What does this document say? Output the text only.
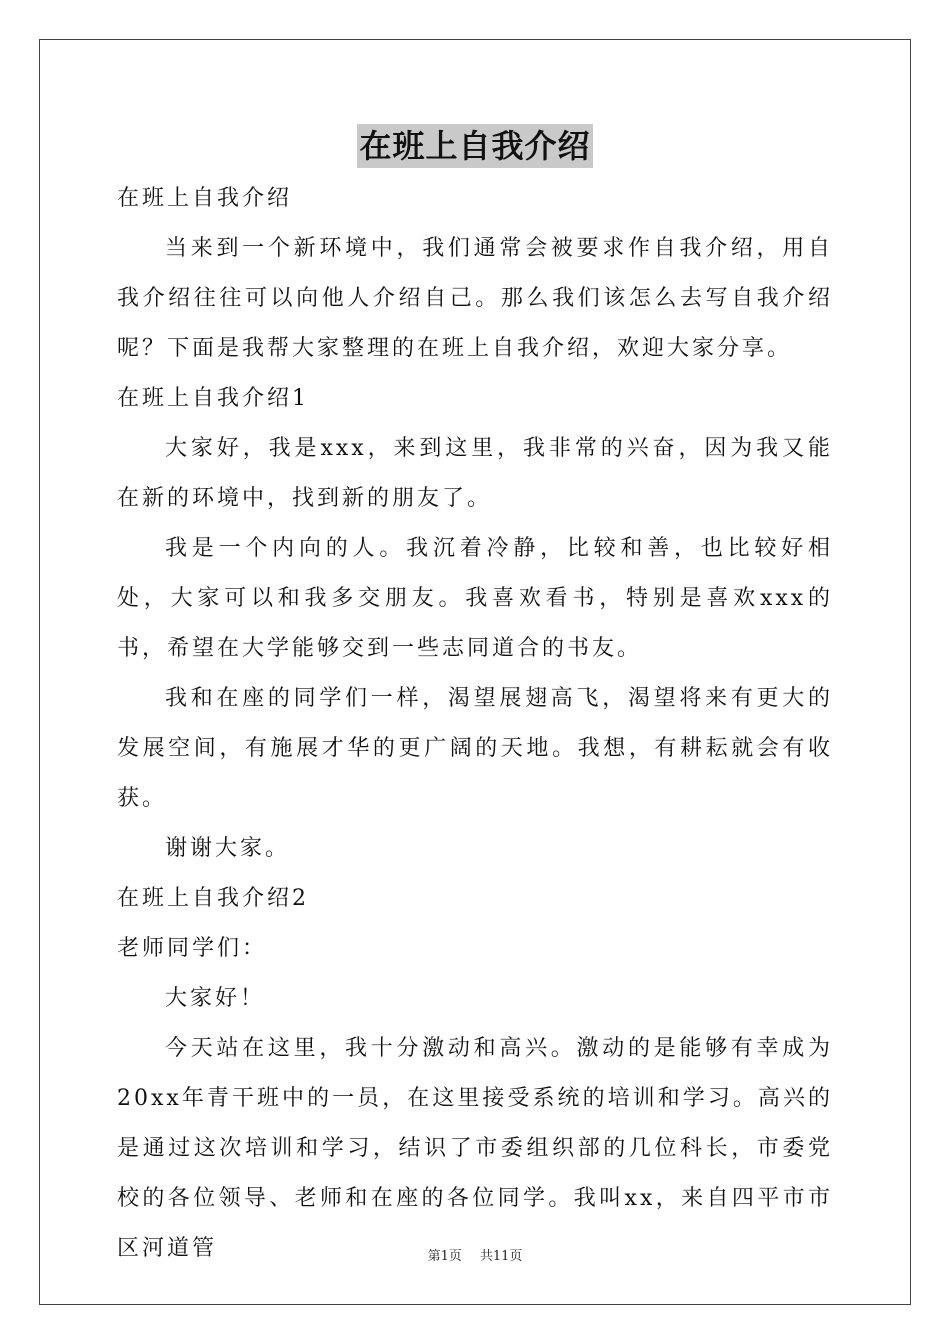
在班上自我介绍

在班上自我介绍

当来到一个新环境中，我们通常会被要求作自我介绍，用自我介绍往往可以向他人介绍自己。那么我们该怎么去写自我介绍呢？下面是我帮大家整理的在班上自我介绍，欢迎大家分享。

在班上自我介绍1

大家好，我是xxx，来到这里，我非常的兴奋，因为我又能在新的环境中，找到新的朋友了。

我是一个内向的人。我沉着冷静，比较和善，也比较好相处，大家可以和我多交朋友。我喜欢看书，特别是喜欢xxx的书，希望在大学能够交到一些志同道合的书友。

我和在座的同学们一样，渴望展翅高飞，渴望将来有更大的发展空间，有施展才华的更广阔的天地。我想，有耕耘就会有收获。

谢谢大家。

在班上自我介绍2

老师同学们：

大家好！

今天站在这里，我十分激动和高兴。激动的是能够有幸成为20xx年青干班中的一员，在这里接受系统的培训和学习。高兴的是通过这次培训和学习，结识了市委组织部的几位科长，市委党校的各位领导、老师和在座的各位同学。我叫xx，来自四平市市区河道管	第1页 共11页
